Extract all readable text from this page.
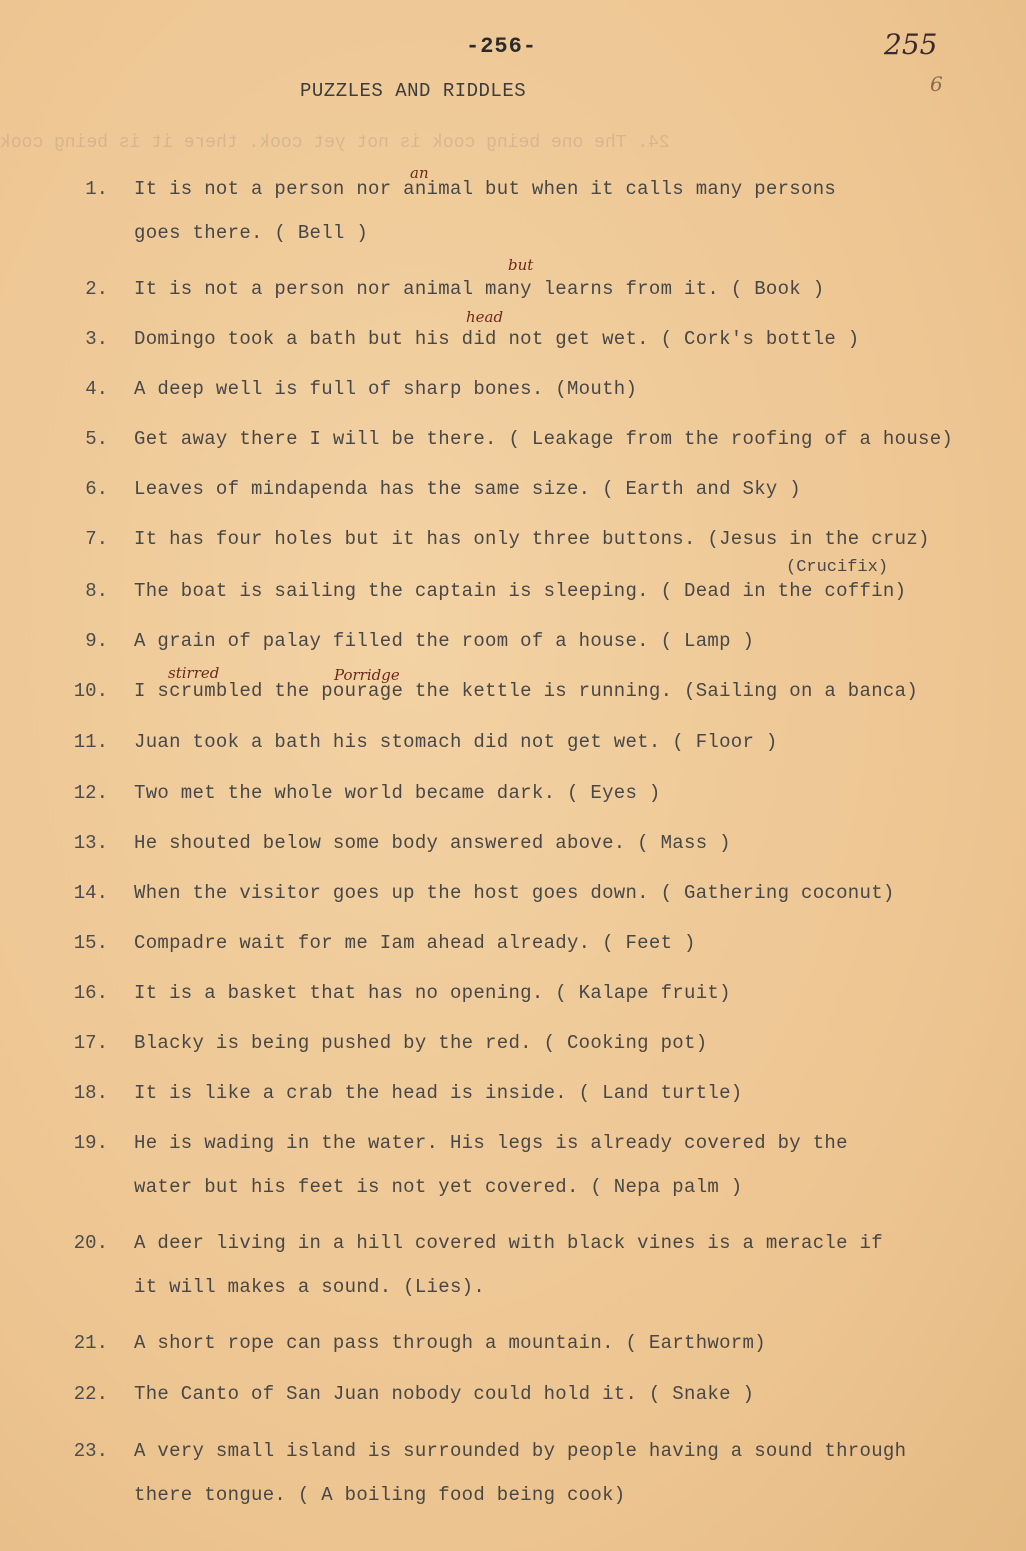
-256-	255
6
PUZZLES AND RIDDLES
24. The one being cook is not yet cook. there it is being cook
1. It is not a person nor animal but when it calls many persons
goes there. ( Bell )
2. It is not a person nor animal many learns from it. ( Book )
3. Domingo took a bath but his did not get wet. ( Cork's bottle )
4. A deep well is full of sharp bones. (Mouth)
5. Get away there I will be there. ( Leakage from the roofing of a house)
6. Leaves of mindapenda has the same size. ( Earth and Sky )
7. It has four holes but it has only three buttons. (Jesus in the cruz)
8. The boat is sailing the captain is sleeping. ( Dead in the coffin)
9. A grain of palay filled the room of a house. ( Lamp )
10. I scrumbled the pourage the kettle is running. (Sailing on a banca)
11. Juan took a bath his stomach did not get wet. ( Floor )
12. Two met the whole world became dark. ( Eyes )
13. He shouted below some body answered above. ( Mass )
14. When the visitor goes up the host goes down. ( Gathering coconut)
15. Compadre wait for me Iam ahead already. ( Feet )
16. It is a basket that has no opening. ( Kalape fruit)
17. Blacky is being pushed by the red. ( Cooking pot)
18. It is like a crab the head is inside. ( Land turtle)
19. He is wading in the water. His legs is already covered by the
water but his feet is not yet covered. ( Nepa palm )
20. A deer living in a hill covered with black vines is a meracle if
it will makes a sound. (Lies).
21. A short rope can pass through a mountain. ( Earthworm)
22. The Canto of San Juan nobody could hold it. ( Snake )
23. A very small island is surrounded by people having a sound through
there tongue. ( A boiling food being cook)
an
but
head
(Crucifix)
stirred	Porridge
